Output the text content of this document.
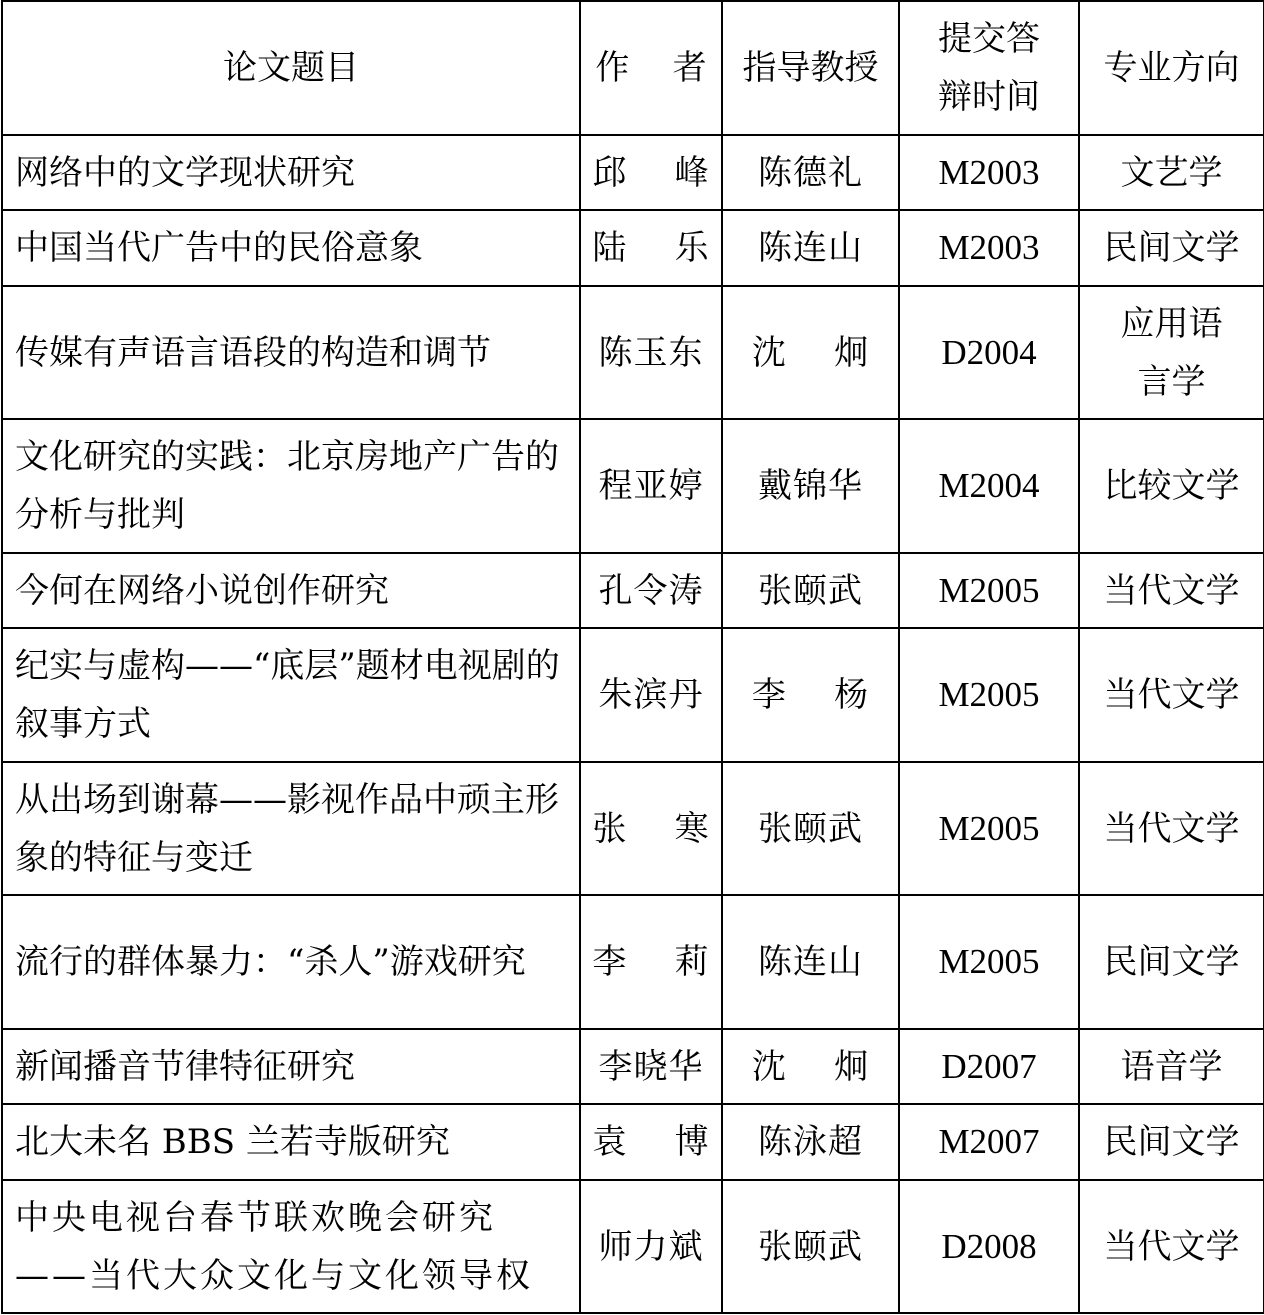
论文题目	作    者	指导教授	提交答辩时间	专业方向
网络中的文学现状研究	邱    峰	陈德礼	M2003	文艺学
中国当代广告中的民俗意象	陆    乐	陈连山	M2003	民间文学
传媒有声语言语段的构造和调节	陈玉东	沈    炯	D2004	应用语言学
文化研究的实践：北京房地产广告的分析与批判	程亚婷	戴锦华	M2004	比较文学
今何在网络小说创作研究	孔令涛	张颐武	M2005	当代文学
纪实与虚构——“底层”题材电视剧的叙事方式	朱滨丹	李    杨	M2005	当代文学
从出场到谢幕——影视作品中顽主形象的特征与变迁	张    寒	张颐武	M2005	当代文学
流行的群体暴力：“杀人”游戏研究	李    莉	陈连山	M2005	民间文学
新闻播音节律特征研究	李晓华	沈    炯	D2007	语音学
北大未名 BBS 兰若寺版研究	袁    博	陈泳超	M2007	民间文学
中央电视台春节联欢晚会研究——当代大众文化与文化领导权	师力斌	张颐武	D2008	当代文学
